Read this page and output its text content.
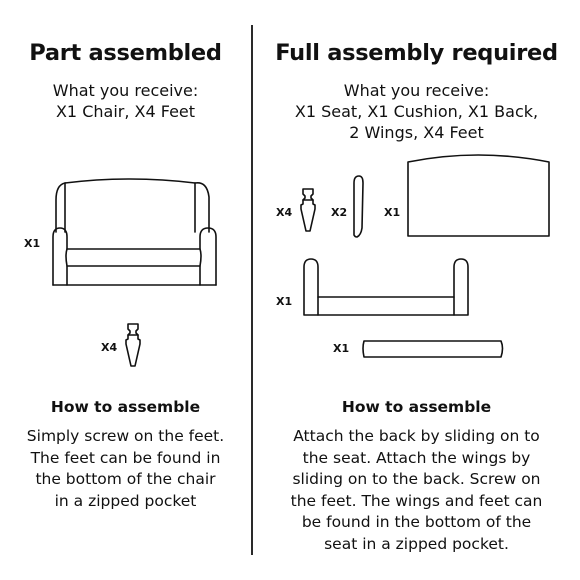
Part assembled
What you receive:
X1 Chair, X4 Feet
X1
X4
How to assemble
Simply screw on the feet.
The feet can be found in
the bottom of the chair
in a zipped pocket
Full assembly required
What you receive:
X1 Seat, X1 Cushion, X1 Back,
2 Wings, X4 Feet
X4	X2	X1
X1
X1
How to assemble
Attach the back by sliding on to
the seat. Attach the wings by
sliding on to the back. Screw on
the feet. The wings and feet can
be found in the bottom of the
seat in a zipped pocket.
